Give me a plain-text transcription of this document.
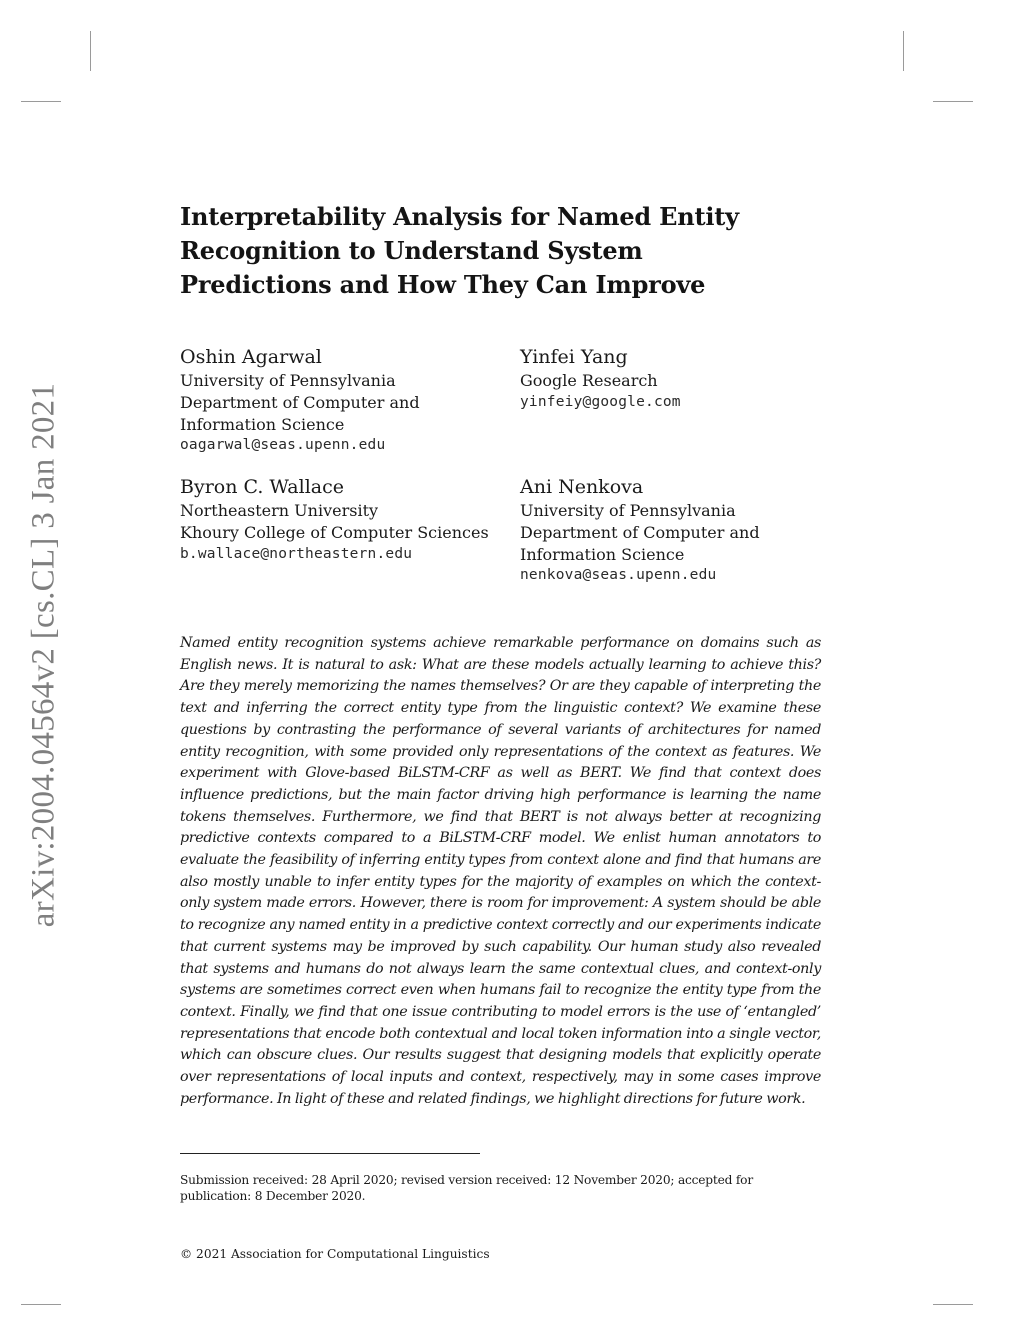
arXiv:2004.04564v2 [cs.CL] 3 Jan 2021
Interpretability Analysis for Named Entity Recognition to Understand System Predictions and How They Can Improve
Oshin Agarwal
University of Pennsylvania
Department of Computer and
Information Science
oagarwal@seas.upenn.edu
Yinfei Yang
Google Research
yinfeiy@google.com
Byron C. Wallace
Northeastern University
Khoury College of Computer Sciences
b.wallace@northeastern.edu
Ani Nenkova
University of Pennsylvania
Department of Computer and
Information Science
nenkova@seas.upenn.edu

Named entity recognition systems achieve remarkable performance on domains such as English news. It is natural to ask: What are these models actually learning to achieve this? Are they merely memorizing the names themselves? Or are they capable of interpreting the text and inferring the correct entity type from the linguistic context? We examine these questions by contrasting the performance of several variants of architectures for named entity recognition, with some provided only representations of the context as features. We experiment with Glove-based BiLSTM-CRF as well as BERT. We find that context does influence predictions, but the main factor driving high performance is learning the name tokens themselves. Furthermore, we find that BERT is not always better at recognizing predictive contexts compared to a BiLSTM-CRF model. We enlist human annotators to evaluate the feasibility of inferring entity types from context alone and find that humans are also mostly unable to infer entity types for the majority of examples on which the context-only system made errors. However, there is room for improvement: A system should be able to recognize any named entity in a predictive context correctly and our experiments indicate that current systems may be improved by such capability. Our human study also revealed that systems and humans do not always learn the same contextual clues, and context-only systems are sometimes correct even when humans fail to recognize the entity type from the context. Finally, we find that one issue contributing to model errors is the use of ‘entangled’ representations that encode both contextual and local token information into a single vector, which can obscure clues. Our results suggest that designing models that explicitly operate over representations of local inputs and context, respectively, may in some cases improve performance. In light of these and related findings, we highlight directions for future work.

Submission received: 28 April 2020; revised version received: 12 November 2020; accepted for publication: 8 December 2020.

© 2021 Association for Computational Linguistics
